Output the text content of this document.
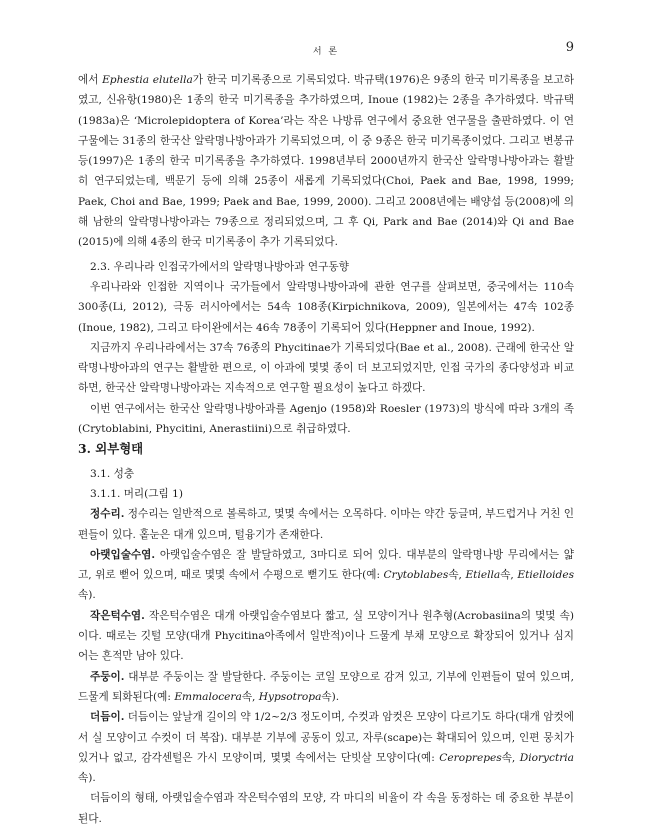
서 론	9

에서 Ephestia elutella가 한국 미기록종으로 기록되었다. 박규택(1976)은 9종의 한국 미기록종을 보고하였고, 신유항(1980)은 1종의 한국 미기록종을 추가하였으며, Inoue (1982)는 2종을 추가하였다. 박규택(1983a)은 ‘Microlepidoptera of Korea’라는 작은 나방류 연구에서 중요한 연구물을 출판하였다. 이 연구물에는 31종의 한국산 알락명나방아과가 기록되었으며, 이 중 9종은 한국 미기록종이었다. 그리고 변봉규 등(1997)은 1종의 한국 미기록종을 추가하였다. 1998년부터 2000년까지 한국산 알락명나방아과는 활발히 연구되었는데, 백문기 등에 의해 25종이 새롭게 기록되었다(Choi, Paek and Bae, 1998, 1999; Paek, Choi and Bae, 1999; Paek and Bae, 1999, 2000). 그리고 2008년에는 배양섭 등(2008)에 의해 남한의 알락명나방아과는 79종으로 정리되었으며, 그 후 Qi, Park and Bae (2014)와 Qi and Bae (2015)에 의해 4종의 한국 미기록종이 추가 기록되었다.

2.3. 우리나라 인접국가에서의 알락명나방아과 연구동향

우리나라와 인접한 지역이나 국가들에서 알락명나방아과에 관한 연구를 살펴보면, 중국에서는 110속 300종(Li, 2012), 극동 러시아에서는 54속 108종(Kirpichnikova, 2009), 일본에서는 47속 102종(Inoue, 1982), 그리고 타이완에서는 46속 78종이 기록되어 있다(Heppner and Inoue, 1992).

지금까지 우리나라에서는 37속 76종의 Phycitinae가 기록되었다(Bae et al., 2008). 근래에 한국산 알락명나방아과의 연구는 활발한 편으로, 이 아과에 몇몇 종이 더 보고되었지만, 인접 국가의 종다양성과 비교하면, 한국산 알락명나방아과는 지속적으로 연구할 필요성이 높다고 하겠다.

이번 연구에서는 한국산 알락명나방아과를 Agenjo (1958)와 Roesler (1973)의 방식에 따라 3개의 족(Crytoblabini, Phycitini, Anerastiini)으로 취급하였다.

3. 외부형태

3.1. 성충

3.1.1. 머리(그림 1)

정수리. 정수리는 일반적으로 볼록하고, 몇몇 속에서는 오목하다. 이마는 약간 둥글며, 부드럽거나 거친 인편들이 있다. 홑눈은 대개 있으며, 털융기가 존재한다.

아랫입술수염. 아랫입술수염은 잘 발달하였고, 3마디로 되어 있다. 대부분의 알락명나방 무리에서는 얇고, 위로 뻗어 있으며, 때로 몇몇 속에서 수평으로 뻗기도 한다(예: Crytoblabes속, Etiella속, Etielloides속).

작은턱수염. 작은턱수염은 대개 아랫입술수염보다 짧고, 실 모양이거나 원추형(Acrobasiina의 몇몇 속)이다. 때로는 깃털 모양(대개 Phycitina아족에서 일반적)이나 드물게 부채 모양으로 확장되어 있거나 심지어는 흔적만 남아 있다.

주둥이. 대부분 주둥이는 잘 발달한다. 주둥이는 코일 모양으로 감겨 있고, 기부에 인편들이 덮여 있으며, 드물게 퇴화된다(예: Emmalocera속, Hypsotropa속).

더듬이. 더듬이는 앞날개 길이의 약 1/2~2/3 정도이며, 수컷과 암컷은 모양이 다르기도 하다(대개 암컷에서 실 모양이고 수컷이 더 복잡). 대부분 기부에 공동이 있고, 자루(scape)는 확대되어 있으며, 인편 뭉치가 있거나 없고, 감각센털은 가시 모양이며, 몇몇 속에서는 단빗살 모양이다(예: Ceroprepes속, Dioryctria속).

더듬이의 형태, 아랫입술수염과 작은턱수염의 모양, 각 마디의 비율이 각 속을 동정하는 데 중요한 부분이 된다.
